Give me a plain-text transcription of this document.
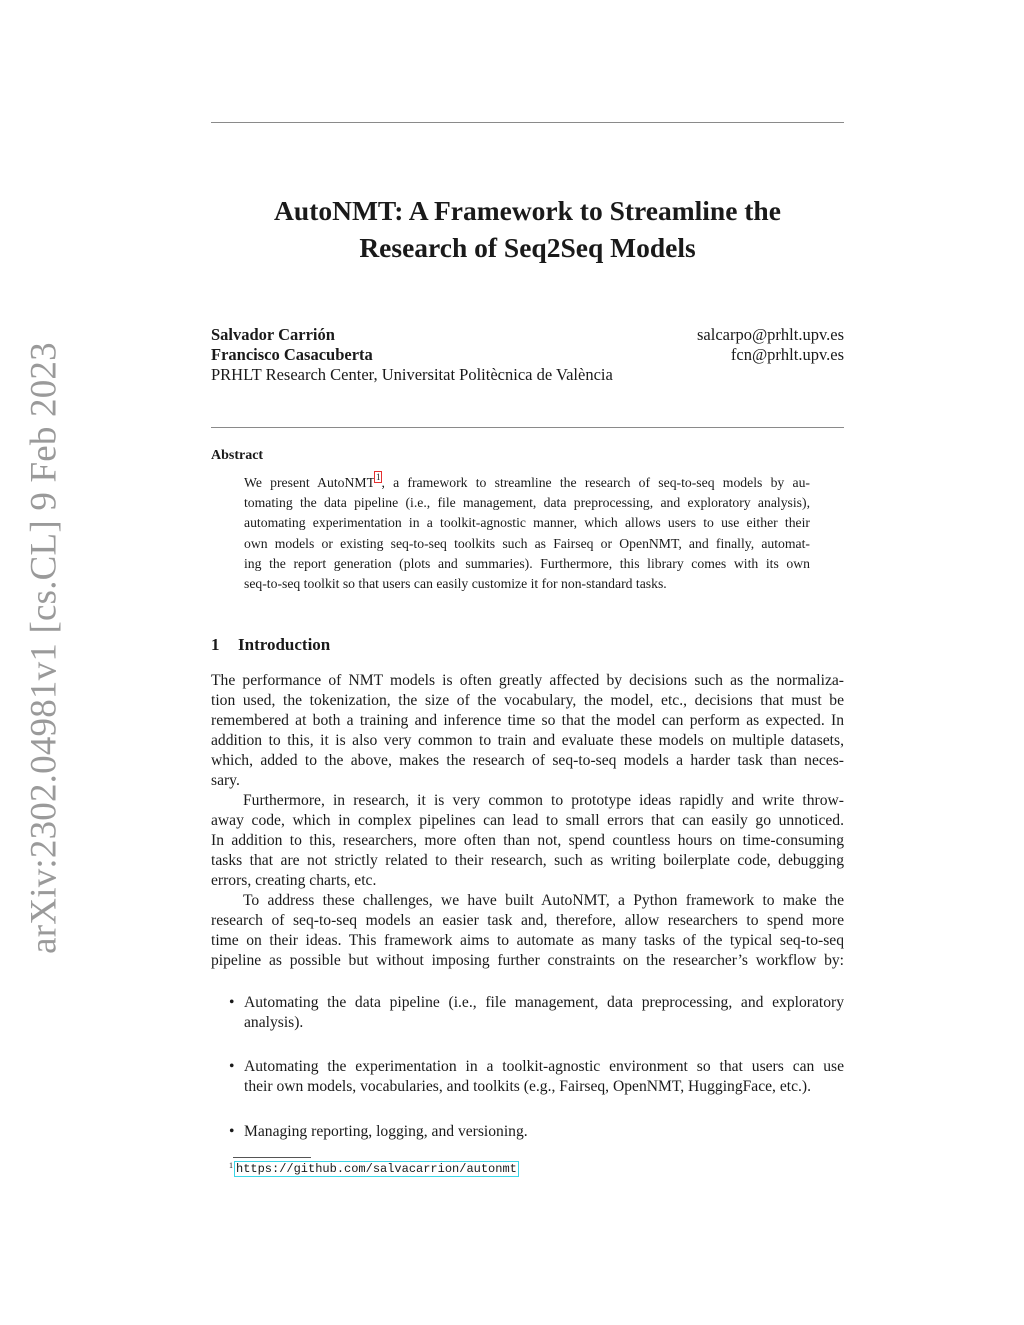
arXiv:2302.04981v1 [cs.CL] 9 Feb 2023
AutoNMT: A Framework to Streamline the
Research of Seq2Seq Models
Salvador Carrión	salcarpo@prhlt.upv.es
Francisco Casacuberta	fcn@prhlt.upv.es
PRHLT Research Center, Universitat Politècnica de València
Abstract
We present AutoNMT$^1$, a framework to streamline the research of seq-to-seq models by au-
tomating the data pipeline (i.e., file management, data preprocessing, and exploratory analysis),
automating experimentation in a toolkit-agnostic manner, which allows users to use either their
own models or existing seq-to-seq toolkits such as Fairseq or OpenNMT, and finally, automat-
ing the report generation (plots and summaries). Furthermore, this library comes with its own
seq-to-seq toolkit so that users can easily customize it for non-standard tasks.
1 Introduction
The performance of NMT models is often greatly affected by decisions such as the normaliza-
tion used, the tokenization, the size of the vocabulary, the model, etc., decisions that must be
remembered at both a training and inference time so that the model can perform as expected. In
addition to this, it is also very common to train and evaluate these models on multiple datasets,
which, added to the above, makes the research of seq-to-seq models a harder task than neces-
sary.
Furthermore, in research, it is very common to prototype ideas rapidly and write throw-
away code, which in complex pipelines can lead to small errors that can easily go unnoticed.
In addition to this, researchers, more often than not, spend countless hours on time-consuming
tasks that are not strictly related to their research, such as writing boilerplate code, debugging
errors, creating charts, etc.
To address these challenges, we have built AutoNMT, a Python framework to make the
research of seq-to-seq models an easier task and, therefore, allow researchers to spend more
time on their ideas. This framework aims to automate as many tasks of the typical seq-to-seq
pipeline as possible but without imposing further constraints on the researcher’s workflow by:
• Automating the data pipeline (i.e., file management, data preprocessing, and exploratory
analysis).
• Automating the experimentation in a toolkit-agnostic environment so that users can use
their own models, vocabularies, and toolkits (e.g., Fairseq, OpenNMT, HuggingFace, etc.).
• Managing reporting, logging, and versioning.
$^1$ https://github.com/salvacarrion/autonmt
